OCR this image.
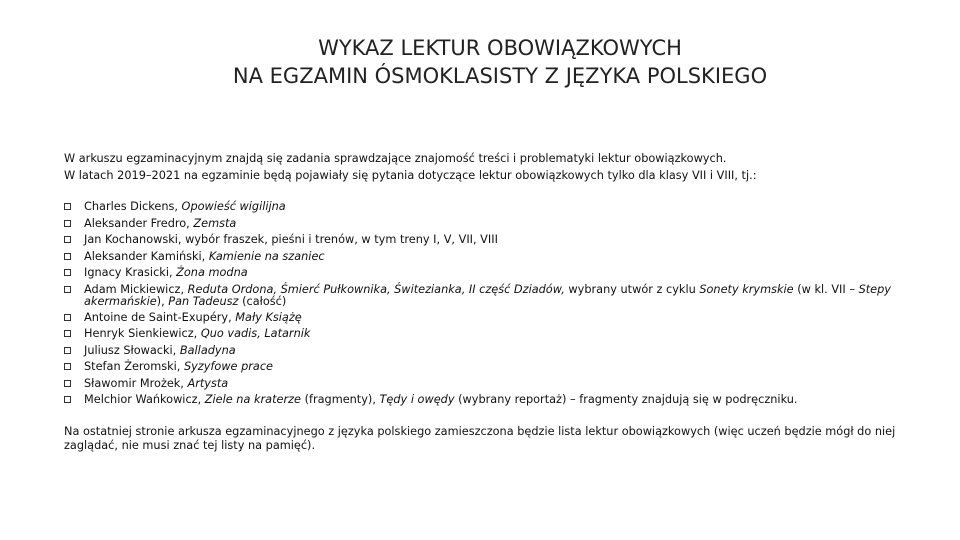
WYKAZ LEKTUR OBOWIĄZKOWYCH
NA EGZAMIN ÓSMOKLASISTY Z JĘZYKA POLSKIEGO
W arkuszu egzaminacyjnym znajdą się zadania sprawdzające znajomość treści i problematyki lektur obowiązkowych.
W latach 2019–2021 na egzaminie będą pojawiały się pytania dotyczące lektur obowiązkowych tylko dla klasy VII i VIII, tj.:
Charles Dickens, Opowieść wigilijna
Aleksander Fredro, Zemsta
Jan Kochanowski, wybór fraszek, pieśni i trenów, w tym treny I, V, VII, VIII
Aleksander Kamiński, Kamienie na szaniec
Ignacy Krasicki, Żona modna
Adam Mickiewicz, Reduta Ordona, Śmierć Pułkownika, Świtezianka, II część Dziadów, wybrany utwór z cyklu Sonety krymskie (w kl. VII – Stepy akermańskie), Pan Tadeusz (całość)
Antoine de Saint-Exupéry, Mały Książę
Henryk Sienkiewicz, Quo vadis, Latarnik
Juliusz Słowacki, Balladyna
Stefan Żeromski, Syzyfowe prace
Sławomir Mrożek, Artysta
Melchior Wańkowicz, Ziele na kraterze (fragmenty), Tędy i owędy (wybrany reportaż) – fragmenty znajdują się w podręczniku.
Na ostatniej stronie arkusza egzaminacyjnego z języka polskiego zamieszczona będzie lista lektur obowiązkowych (więc uczeń będzie mógł do niej zaglądać, nie musi znać tej listy na pamięć).
